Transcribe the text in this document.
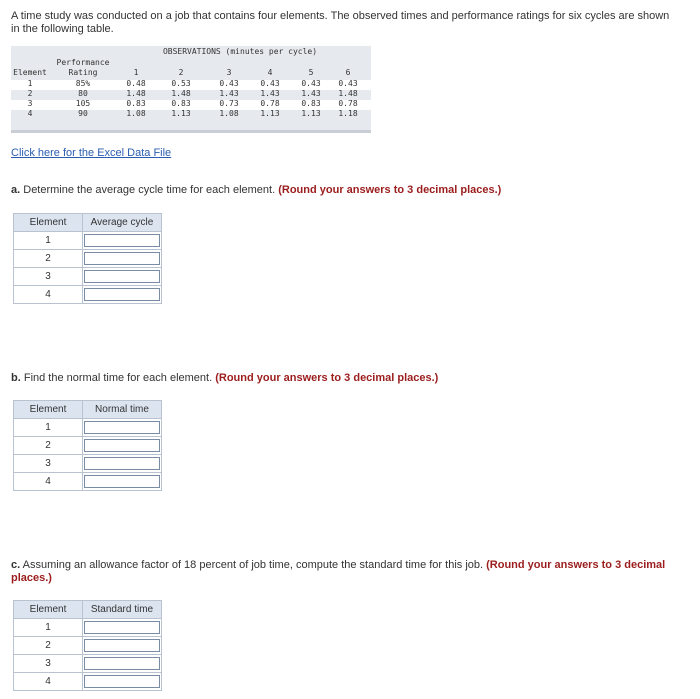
A time study was conducted on a job that contains four elements. The observed times and performance ratings for six cycles are shown in the following table.
OBSERVATIONS (minutes per cycle)
Performance
Element	Rating	1	2	3	4	5	6
1	85%	0.48	0.53	0.43	0.43	0.43 0.43
2	80	1.48	1.48	1.43	1.43	1.43 1.48
3	105	0.83	0.83	0.73	0.78	0.83 0.78
4	90	1.08	1.13	1.08	1.13	1.13 1.18
Click here for the Excel Data File
a. Determine the average cycle time for each element. (Round your answers to 3 decimal places.)
Element	Average cycle
1	

2	

3	

4	
b. Find the normal time for each element. (Round your answers to 3 decimal places.)
Element	Normal time
1	

2	

3	

4	
c. Assuming an allowance factor of 18 percent of job time, compute the standard time for this job. (Round your answers to 3 decimal places.)
Element	Standard time
1	

2	

3	

4	
